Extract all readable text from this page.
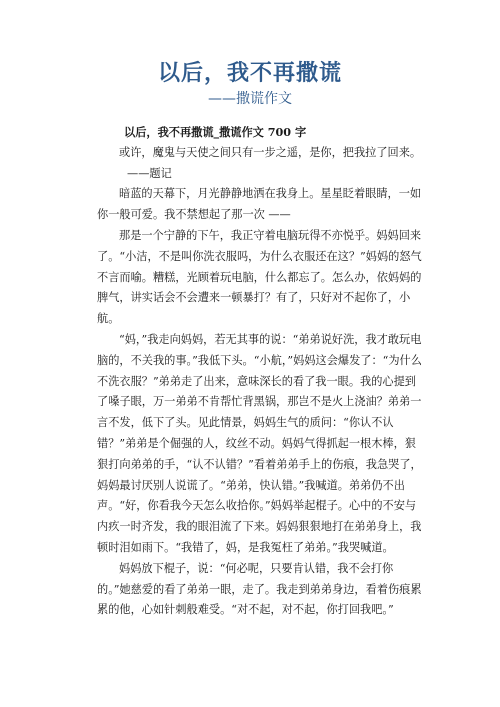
以后，我不再撒谎
——撒谎作文

以后，我不再撒谎_撒谎作文 700 字

或许，魔鬼与天使之间只有一步之遥，是你，把我拉了回来。

——题记

暗蓝的天幕下，月光静静地洒在我身上。星星眨着眼睛，一如你一般可爱。我不禁想起了那一次 ——

那是一个宁静的下午，我正守着电脑玩得不亦悦乎。妈妈回来了。“小洁，不是叫你洗衣服吗，为什么衣服还在这？”妈妈的怒气不言而喻。糟糕，光顾着玩电脑，什么都忘了。怎么办，依妈妈的脾气，讲实话会不会遭来一顿暴打？有了，只好对不起你了，小航。

“妈，”我走向妈妈，若无其事的说：“弟弟说好洗，我才敢玩电脑的，不关我的事。”我低下头。“小航，”妈妈这会爆发了：“为什么不洗衣服？”弟弟走了出来，意味深长的看了我一眼。我的心提到了嗓子眼，万一弟弟不肯帮忙背黑锅，那岂不是火上浇油？弟弟一言不发，低下了头。见此情景，妈妈生气的质问：“你认不认错？”弟弟是个倔强的人，纹丝不动。妈妈气得抓起一根木棒，狠狠打向弟弟的手，“认不认错？”看着弟弟手上的伤痕，我急哭了，妈妈最讨厌别人说谎了。“弟弟，快认错。”我喊道。弟弟仍不出声。“好，你看我今天怎么收拾你。”妈妈举起棍子。心中的不安与内疚一时齐发，我的眼泪流了下来。妈妈狠狠地打在弟弟身上，我顿时泪如雨下。“我错了，妈，是我冤枉了弟弟。”我哭喊道。

妈妈放下棍子，说：“何必呢，只要肯认错，我不会打你的。”她慈爱的看了弟弟一眼，走了。我走到弟弟身边，看着伤痕累累的他，心如针刺般难受。“对不起，对不起，你打回我吧。”
